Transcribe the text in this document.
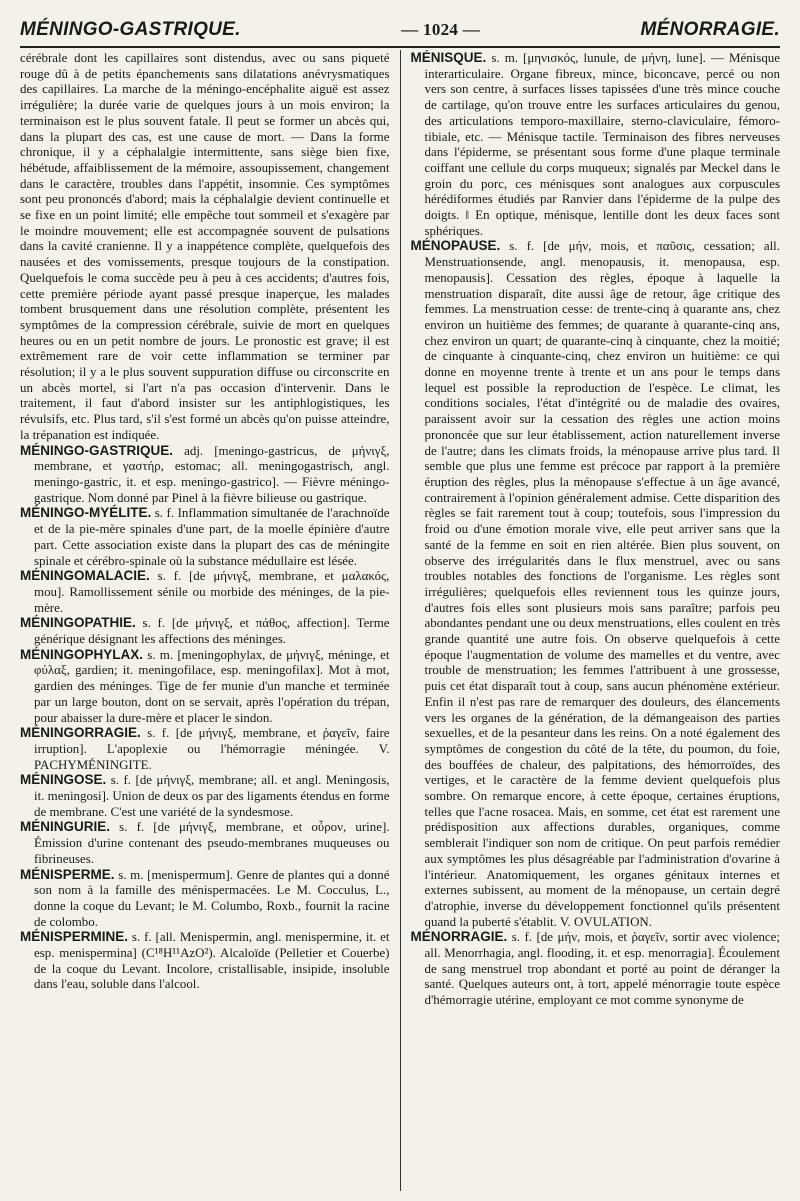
MÉNINGO-GASTRIQUE.	— 1024 —	MÉNORRAGIE.

cérébrale dont les capillaires sont distendus, avec ou sans piqueté rouge dû à de petits épanchements sans dilatations anévrysmatiques des capillaires. La marche de la méningo-encéphalite aiguë est assez irrégulière; la durée varie de quelques jours à un mois environ; la terminaison est le plus souvent fatale. Il peut se former un abcès qui, dans la plupart des cas, est une cause de mort. — Dans la forme chronique, il y a céphalalgie intermittente, sans siège bien fixe, hébétude, affaiblissement de la mémoire, assoupissement, changement dans le caractère, troubles dans l'appétit, insomnie. Ces symptômes sont peu prononcés d'abord; mais la céphalalgie devient continuelle et se fixe en un point limité; elle empêche tout sommeil et s'exagère par le moindre mouvement; elle est accompagnée souvent de pulsations dans la cavité cranienne. Il y a inappétence complète, quelquefois des nausées et des vomissements, presque toujours de la constipation. Quelquefois le coma succède peu à peu à ces accidents; d'autres fois, cette première période ayant passé presque inaperçue, les malades tombent brusquement dans une résolution complète, présentent les symptômes de la compression cérébrale, suivie de mort en quelques heures ou en un petit nombre de jours. Le pronostic est grave; il est extrêmement rare de voir cette inflammation se terminer par résolution; il y a le plus souvent suppuration diffuse ou circonscrite en un abcès mortel, si l'art n'a pas occasion d'intervenir. Dans le traitement, il faut d'abord insister sur les antiphlogistiques, les révulsifs, etc. Plus tard, s'il s'est formé un abcès qu'on puisse atteindre, la trépanation est indiquée.

MÉNINGO-GASTRIQUE. adj. [meningo-gastricus, de μήνιγξ, membrane, et γαστήρ, estomac; all. meningogastrisch, angl. meningo-gastric, it. et esp. meningo-gastrico]. — Fièvre méningo-gastrique. Nom donné par Pinel à la fièvre bilieuse ou gastrique.

MÉNINGO-MYÉLITE. s. f. Inflammation simultanée de l'arachnoïde et de la pie-mère spinales d'une part, de la moelle épinière d'autre part. Cette association existe dans la plupart des cas de méningite spinale et cérébro-spinale où la substance médullaire est lésée.

MÉNINGOMALACIE. s. f. [de μήνιγξ, membrane, et μαλακός, mou]. Ramollissement sénile ou morbide des méninges, de la pie-mère.

MÉNINGOPATHIE. s. f. [de μήνιγξ, et πάθος, affection]. Terme générique désignant les affections des méninges.

MÉNINGOPHYLAX. s. m. [meningophylax, de μήνιγξ, méninge, et φύλαξ, gardien; it. meningofilace, esp. meningofilax]. Mot à mot, gardien des méninges. Tige de fer munie d'un manche et terminée par un large bouton, dont on se servait, après l'opération du trépan, pour abaisser la dure-mère et placer le sindon.

MÉNINGORRAGIE. s. f. [de μήνιγξ, membrane, et ῥαγεῖν, faire irruption]. L'apoplexie ou l'hémorragie méningée. V. PACHYMÉNINGITE.

MÉNINGOSE. s. f. [de μήνιγξ, membrane; all. et angl. Meningosis, it. meningosi]. Union de deux os par des ligaments étendus en forme de membrane. C'est une variété de la syndesmose.

MÉNINGURIE. s. f. [de μήνιγξ, membrane, et οὖρον, urine]. Émission d'urine contenant des pseudo-membranes muqueuses ou fibrineuses.

MÉNISPERME. s. m. [menispermum]. Genre de plantes qui a donné son nom à la famille des ménispermacées. Le M. Cocculus, L., donne la coque du Levant; le M. Columbo, Roxb., fournit la racine de colombo.

MÉNISPERMINE. s. f. [all. Menispermin, angl. menispermine, it. et esp. menispermina] (C¹⁸H¹¹AzO²). Alcaloïde (Pelletier et Couerbe) de la coque du Levant. Incolore, cristallisable, insipide, insoluble dans l'eau, soluble dans l'alcool.

MÉNISQUE. s. m. [μηνισκός, lunule, de μήνη, lune]. — Ménisque interarticulaire. Organe fibreux, mince, biconcave, percé ou non vers son centre, à surfaces lisses tapissées d'une très mince couche de cartilage, qu'on trouve entre les surfaces articulaires du genou, des articulations temporo-maxillaire, sterno-claviculaire, fémoro-tibiale, etc. — Ménisque tactile. Terminaison des fibres nerveuses dans l'épiderme, se présentant sous forme d'une plaque terminale coiffant une cellule du corps muqueux; signalés par Meckel dans le groin du porc, ces ménisques sont analogues aux corpuscules hérédiformes étudiés par Ranvier dans l'épiderme de la pulpe des doigts. ‖ En optique, ménisque, lentille dont les deux faces sont sphériques.

MÉNOPAUSE. s. f. [de μήν, mois, et παῦσις, cessation; all. Menstruationsende, angl. menopausis, it. menopausa, esp. menopausis]. Cessation des règles, époque à laquelle la menstruation disparaît, dite aussi âge de retour, âge critique des femmes. La menstruation cesse: de trente-cinq à quarante ans, chez environ un huitième des femmes; de quarante à quarante-cinq ans, chez environ un quart; de quarante-cinq à cinquante, chez la moitié; de cinquante à cinquante-cinq, chez environ un huitième: ce qui donne en moyenne trente à trente et un ans pour le temps dans lequel est possible la reproduction de l'espèce. Le climat, les conditions sociales, l'état d'intégrité ou de maladie des ovaires, paraissent avoir sur la cessation des règles une action moins prononcée que sur leur établissement, action naturellement inverse de l'autre; dans les climats froids, la ménopause arrive plus tard. Il semble que plus une femme est précoce par rapport à la première éruption des règles, plus la ménopause s'effectue à un âge avancé, contrairement à l'opinion généralement admise. Cette disparition des règles se fait rarement tout à coup; toutefois, sous l'impression du froid ou d'une émotion morale vive, elle peut arriver sans que la santé de la femme en soit en rien altérée. Bien plus souvent, on observe des irrégularités dans le flux menstruel, avec ou sans troubles notables des fonctions de l'organisme. Les règles sont irrégulières; quelquefois elles reviennent tous les quinze jours, d'autres fois elles sont plusieurs mois sans paraître; parfois peu abondantes pendant une ou deux menstruations, elles coulent en très grande quantité une autre fois. On observe quelquefois à cette époque l'augmentation de volume des mamelles et du ventre, avec trouble de menstruation; les femmes l'attribuent à une grossesse, puis cet état disparaît tout à coup, sans aucun phénomène extérieur. Enfin il n'est pas rare de remarquer des douleurs, des élancements vers les organes de la génération, de la démangeaison des parties sexuelles, et de la pesanteur dans les reins. On a noté également des symptômes de congestion du côté de la tête, du poumon, du foie, des bouffées de chaleur, des palpitations, des hémorroïdes, des vertiges, et le caractère de la femme devient quelquefois plus sombre. On remarque encore, à cette époque, certaines éruptions, telles que l'acne rosacea. Mais, en somme, cet état est rarement une prédisposition aux affections durables, organiques, comme semblerait l'indiquer son nom de critique. On peut parfois remédier aux symptômes les plus désagréable par l'administration d'ovarine à l'intérieur. Anatomiquement, les organes génitaux internes et externes subissent, au moment de la ménopause, un certain degré d'atrophie, inverse du développement fonctionnel qu'ils présentent quand la puberté s'établit. V. OVULATION.

MÉNORRAGIE. s. f. [de μήν, mois, et ῥαγεῖν, sortir avec violence; all. Menorrhagia, angl. flooding, it. et esp. menorragia]. Écoulement de sang menstruel trop abondant et porté au point de déranger la santé. Quelques auteurs ont, à tort, appelé ménorragie toute espèce d'hémorragie utérine, employant ce mot comme synonyme de
